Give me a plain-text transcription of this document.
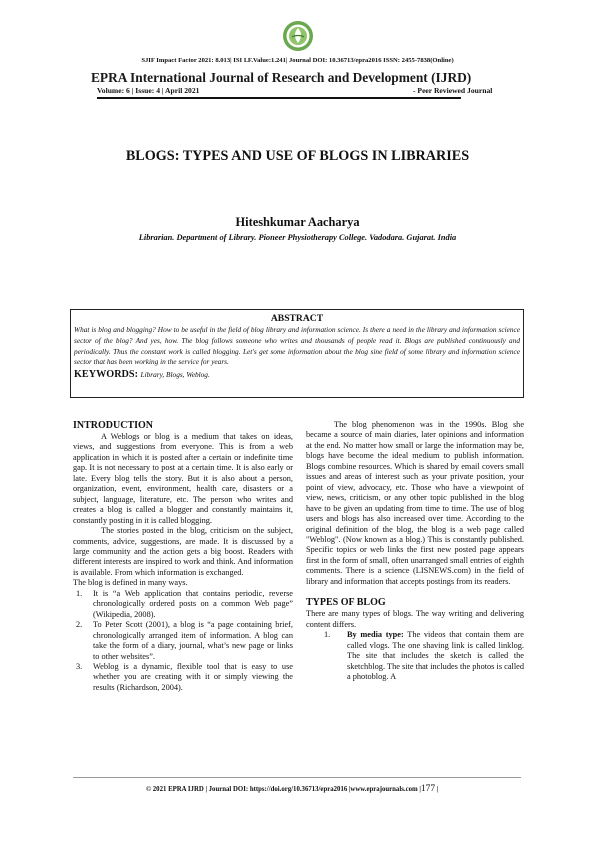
SJIF Impact Factor 2021: 8.013| ISI I.F.Value:1.241| Journal DOI: 10.36713/epra2016 ISSN: 2455-7838(Online)
EPRA International Journal of Research and Development (IJRD)
Volume: 6 | Issue: 4 | April 2021	- Peer Reviewed Journal
BLOGS: TYPES AND USE OF BLOGS IN LIBRARIES
Hiteshkumar Aacharya
Librarian. Department of Library. Pioneer Physiotherapy College. Vadodara. Gujarat. India
ABSTRACT

What is blog and blogging? How to be useful in the field of blog library and information science. Is there a need in the library and information science sector of the blog? And yes, how. The blog follows someone who writes and thousands of people read it. Blogs are published continuously and periodically. Thus the constant work is called blogging. Let's get some information about the blog sine field of some library and information science sector that has been working in the service for years.

KEYWORDS: Library, Blogs, Weblog.
INTRODUCTION

A Weblogs or blog is a medium that takes on ideas, views, and suggestions from everyone. This is from a web application in which it is posted after a certain or indefinite time gap. It is not necessary to post at a certain time. It is also early or late. Every blog tells the story. But it is also about a person, organization, event, environment, health care, disasters or a subject, language, literature, etc. The person who writes and creates a blog is called a blogger and constantly maintains it, constantly posting in it is called blogging.

The stories posted in the blog, criticism on the subject, comments, advice, suggestions, are made. It is discussed by a large community and the action gets a big boost. Readers with different interests are inspired to work and think. And information is available. From which information is exchanged.

The blog is defined in many ways.

1. It is “a Web application that contains periodic, reverse chronologically ordered posts on a common Web page” (Wikipedia, 2008).
2. To Peter Scott (2001), a blog is “a page containing brief, chronologically arranged item of information. A blog can take the form of a diary, journal, what’s new page or links to other websites”.
3. Weblog is a dynamic, flexible tool that is easy to use whether you are creating with it or simply viewing the results (Richardson, 2004).

The blog phenomenon was in the 1990s. Blog she became a source of main diaries, later opinions and information at the end. No matter how small or large the information may be, blogs have become the ideal medium to publish information. Blogs combine resources. Which is shared by email covers small issues and areas of interest such as your private position, your point of view, advocacy, etc. Those who have a viewpoint of view, news, criticism, or any other topic published in the blog have to be given an updating from time to time. The use of blog users and blogs has also increased over time. According to the original definition of the blog, the blog is a web page called "Weblog". (Now known as a blog.) This is constantly published. Specific topics or web links the first new posted page appears first in the form of small, often unarranged small entries of eighth comments. There is a science (LISNEWS.com) in the field of library and information that accepts postings from its readers.

TYPES OF BLOG

There are many types of blogs. The way writing and delivering content differs.

1. By media type: The videos that contain them are called vlogs. The one shaving link is called linklog. The site that includes the sketch is called the sketchblog. The site that includes the photos is called a photoblog. A
© 2021 EPRA IJRD | Journal DOI: https://doi.org/10.36713/epra2016 |www.eprajournals.com |177 |
